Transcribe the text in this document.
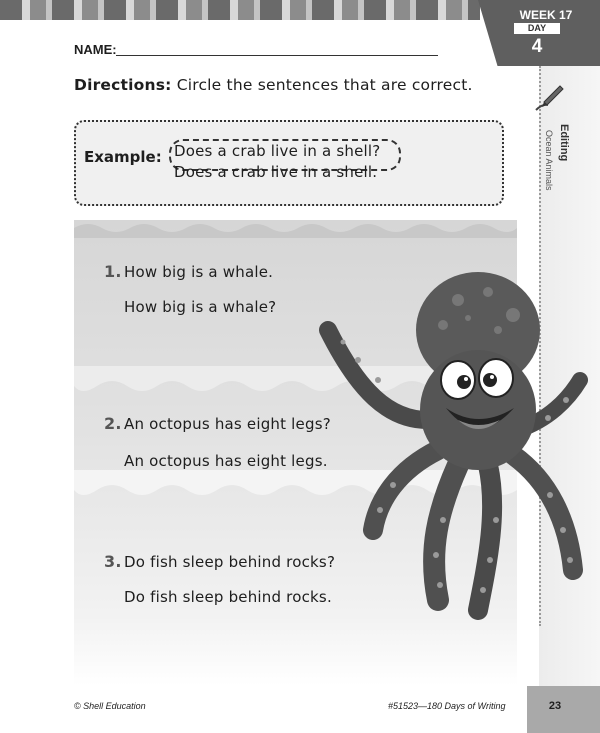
WEEK 17
DAY
4
Editing
Ocean Animals
NAME:
Directions: Circle the sentences that are correct.
Example: Does a crab live in a shell?
Does a crab live in a shell.
1. How big is a whale.
How big is a whale?
2. An octopus has eight legs?
An octopus has eight legs.
3. Do fish sleep behind rocks?
Do fish sleep behind rocks.
© Shell Education	#51523—180 Days of Writing	23
